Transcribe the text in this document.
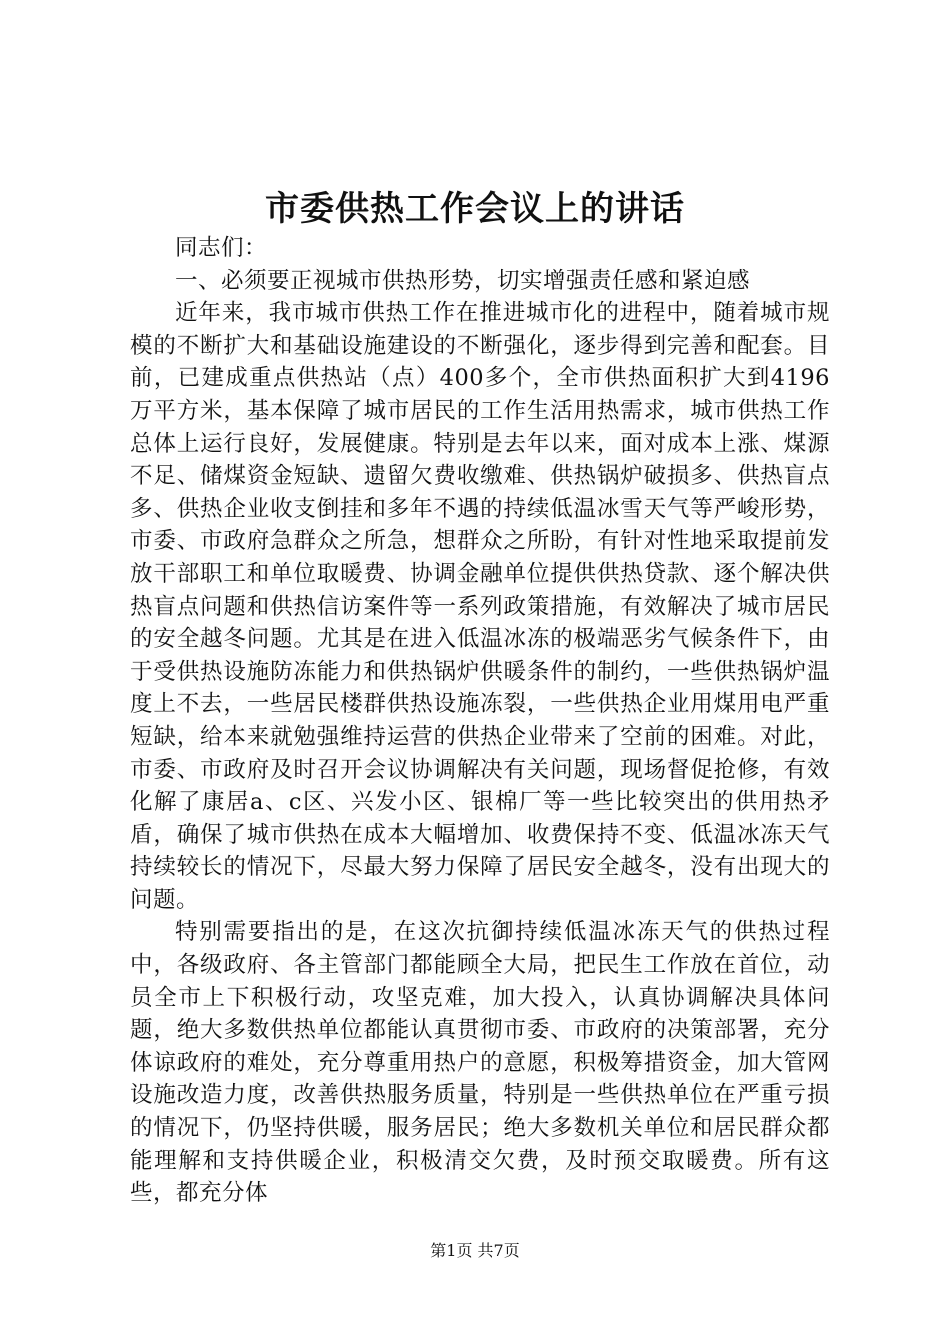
市委供热工作会议上的讲话

同志们：

一、必须要正视城市供热形势，切实增强责任感和紧迫感

近年来，我市城市供热工作在推进城市化的进程中，随着城市规模的不断扩大和基础设施建设的不断强化，逐步得到完善和配套。目前，已建成重点供热站（点）400多个，全市供热面积扩大到4196万平方米，基本保障了城市居民的工作生活用热需求，城市供热工作总体上运行良好，发展健康。特别是去年以来，面对成本上涨、煤源不足、储煤资金短缺、遗留欠费收缴难、供热锅炉破损多、供热盲点多、供热企业收支倒挂和多年不遇的持续低温冰雪天气等严峻形势，市委、市政府急群众之所急，想群众之所盼，有针对性地采取提前发放干部职工和单位取暖费、协调金融单位提供供热贷款、逐个解决供热盲点问题和供热信访案件等一系列政策措施，有效解决了城市居民的安全越冬问题。尤其是在进入低温冰冻的极端恶劣气候条件下，由于受供热设施防冻能力和供热锅炉供暖条件的制约，一些供热锅炉温度上不去，一些居民楼群供热设施冻裂，一些供热企业用煤用电严重短缺，给本来就勉强维持运营的供热企业带来了空前的困难。对此，市委、市政府及时召开会议协调解决有关问题，现场督促抢修，有效化解了康居a、c区、兴发小区、银棉厂等一些比较突出的供用热矛盾，确保了城市供热在成本大幅增加、收费保持不变、低温冰冻天气持续较长的情况下，尽最大努力保障了居民安全越冬，没有出现大的问题。

特别需要指出的是，在这次抗御持续低温冰冻天气的供热过程中，各级政府、各主管部门都能顾全大局，把民生工作放在首位，动员全市上下积极行动，攻坚克难，加大投入，认真协调解决具体问题，绝大多数供热单位都能认真贯彻市委、市政府的决策部署，充分体谅政府的难处，充分尊重用热户的意愿，积极筹措资金，加大管网设施改造力度，改善供热服务质量，特别是一些供热单位在严重亏损的情况下，仍坚持供暖，服务居民；绝大多数机关单位和居民群众都能理解和支持供暖企业，积极清交欠费，及时预交取暖费。所有这些，都充分体

第1页 共7页
